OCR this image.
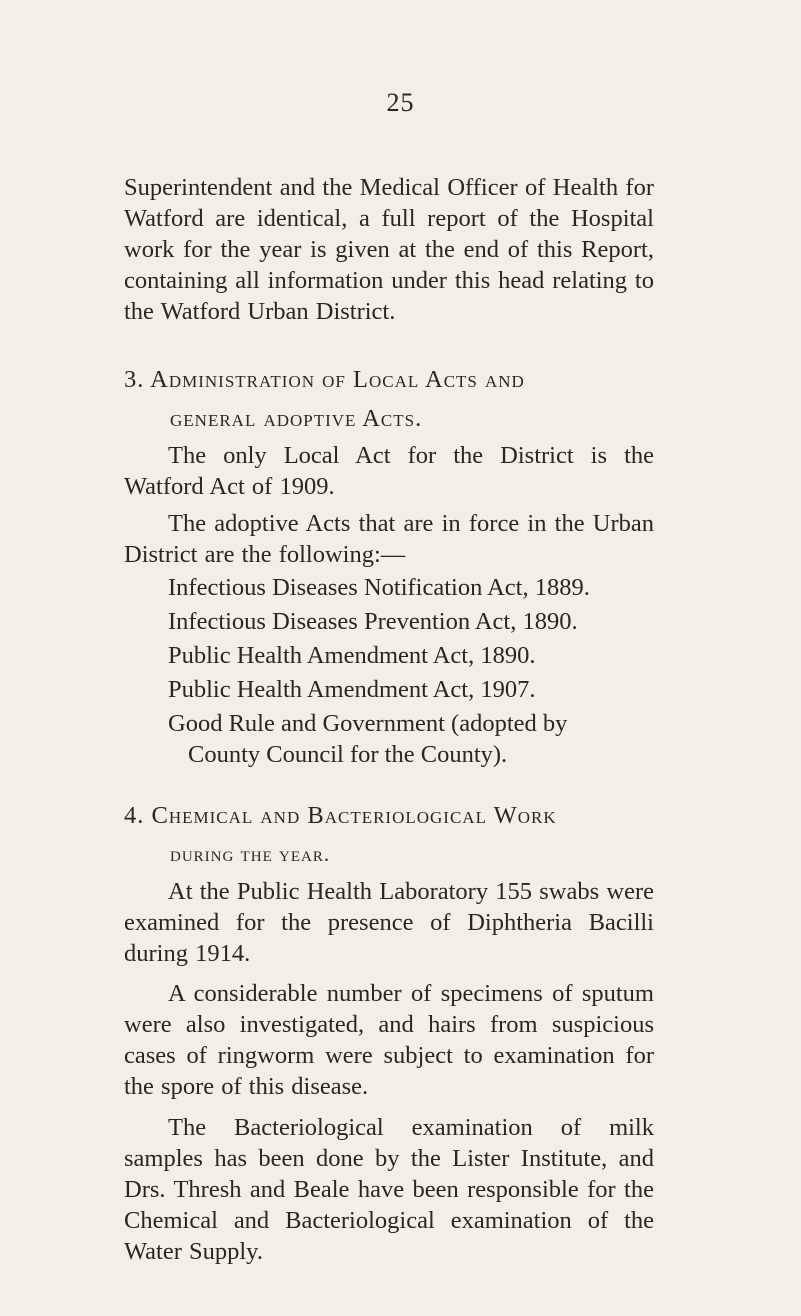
25

Superintendent and the Medical Officer of Health for Watford are identical, a full report of the Hospital work for the year is given at the end of this Report, containing all information under this head relating to the Watford Urban District.

3. Administration of Local Acts and
general adoptive Acts.

The only Local Act for the District is the Watford Act of 1909.

The adoptive Acts that are in force in the Urban District are the following:—

Infectious Diseases Notification Act, 1889.
Infectious Diseases Prevention Act, 1890.
Public Health Amendment Act, 1890.
Public Health Amendment Act, 1907.
Good Rule and Government (adopted by
County Council for the County).
4. Chemical and Bacteriological Work
during the year.

At the Public Health Laboratory 155 swabs were examined for the presence of Diphtheria Bacilli during 1914.

A considerable number of specimens of sputum were also investigated, and hairs from suspicious cases of ringworm were subject to examination for the spore of this disease.

The Bacteriological examination of milk samples has been done by the Lister Institute, and Drs. Thresh and Beale have been responsible for the Chemical and Bacteriological examination of the Water Supply.
